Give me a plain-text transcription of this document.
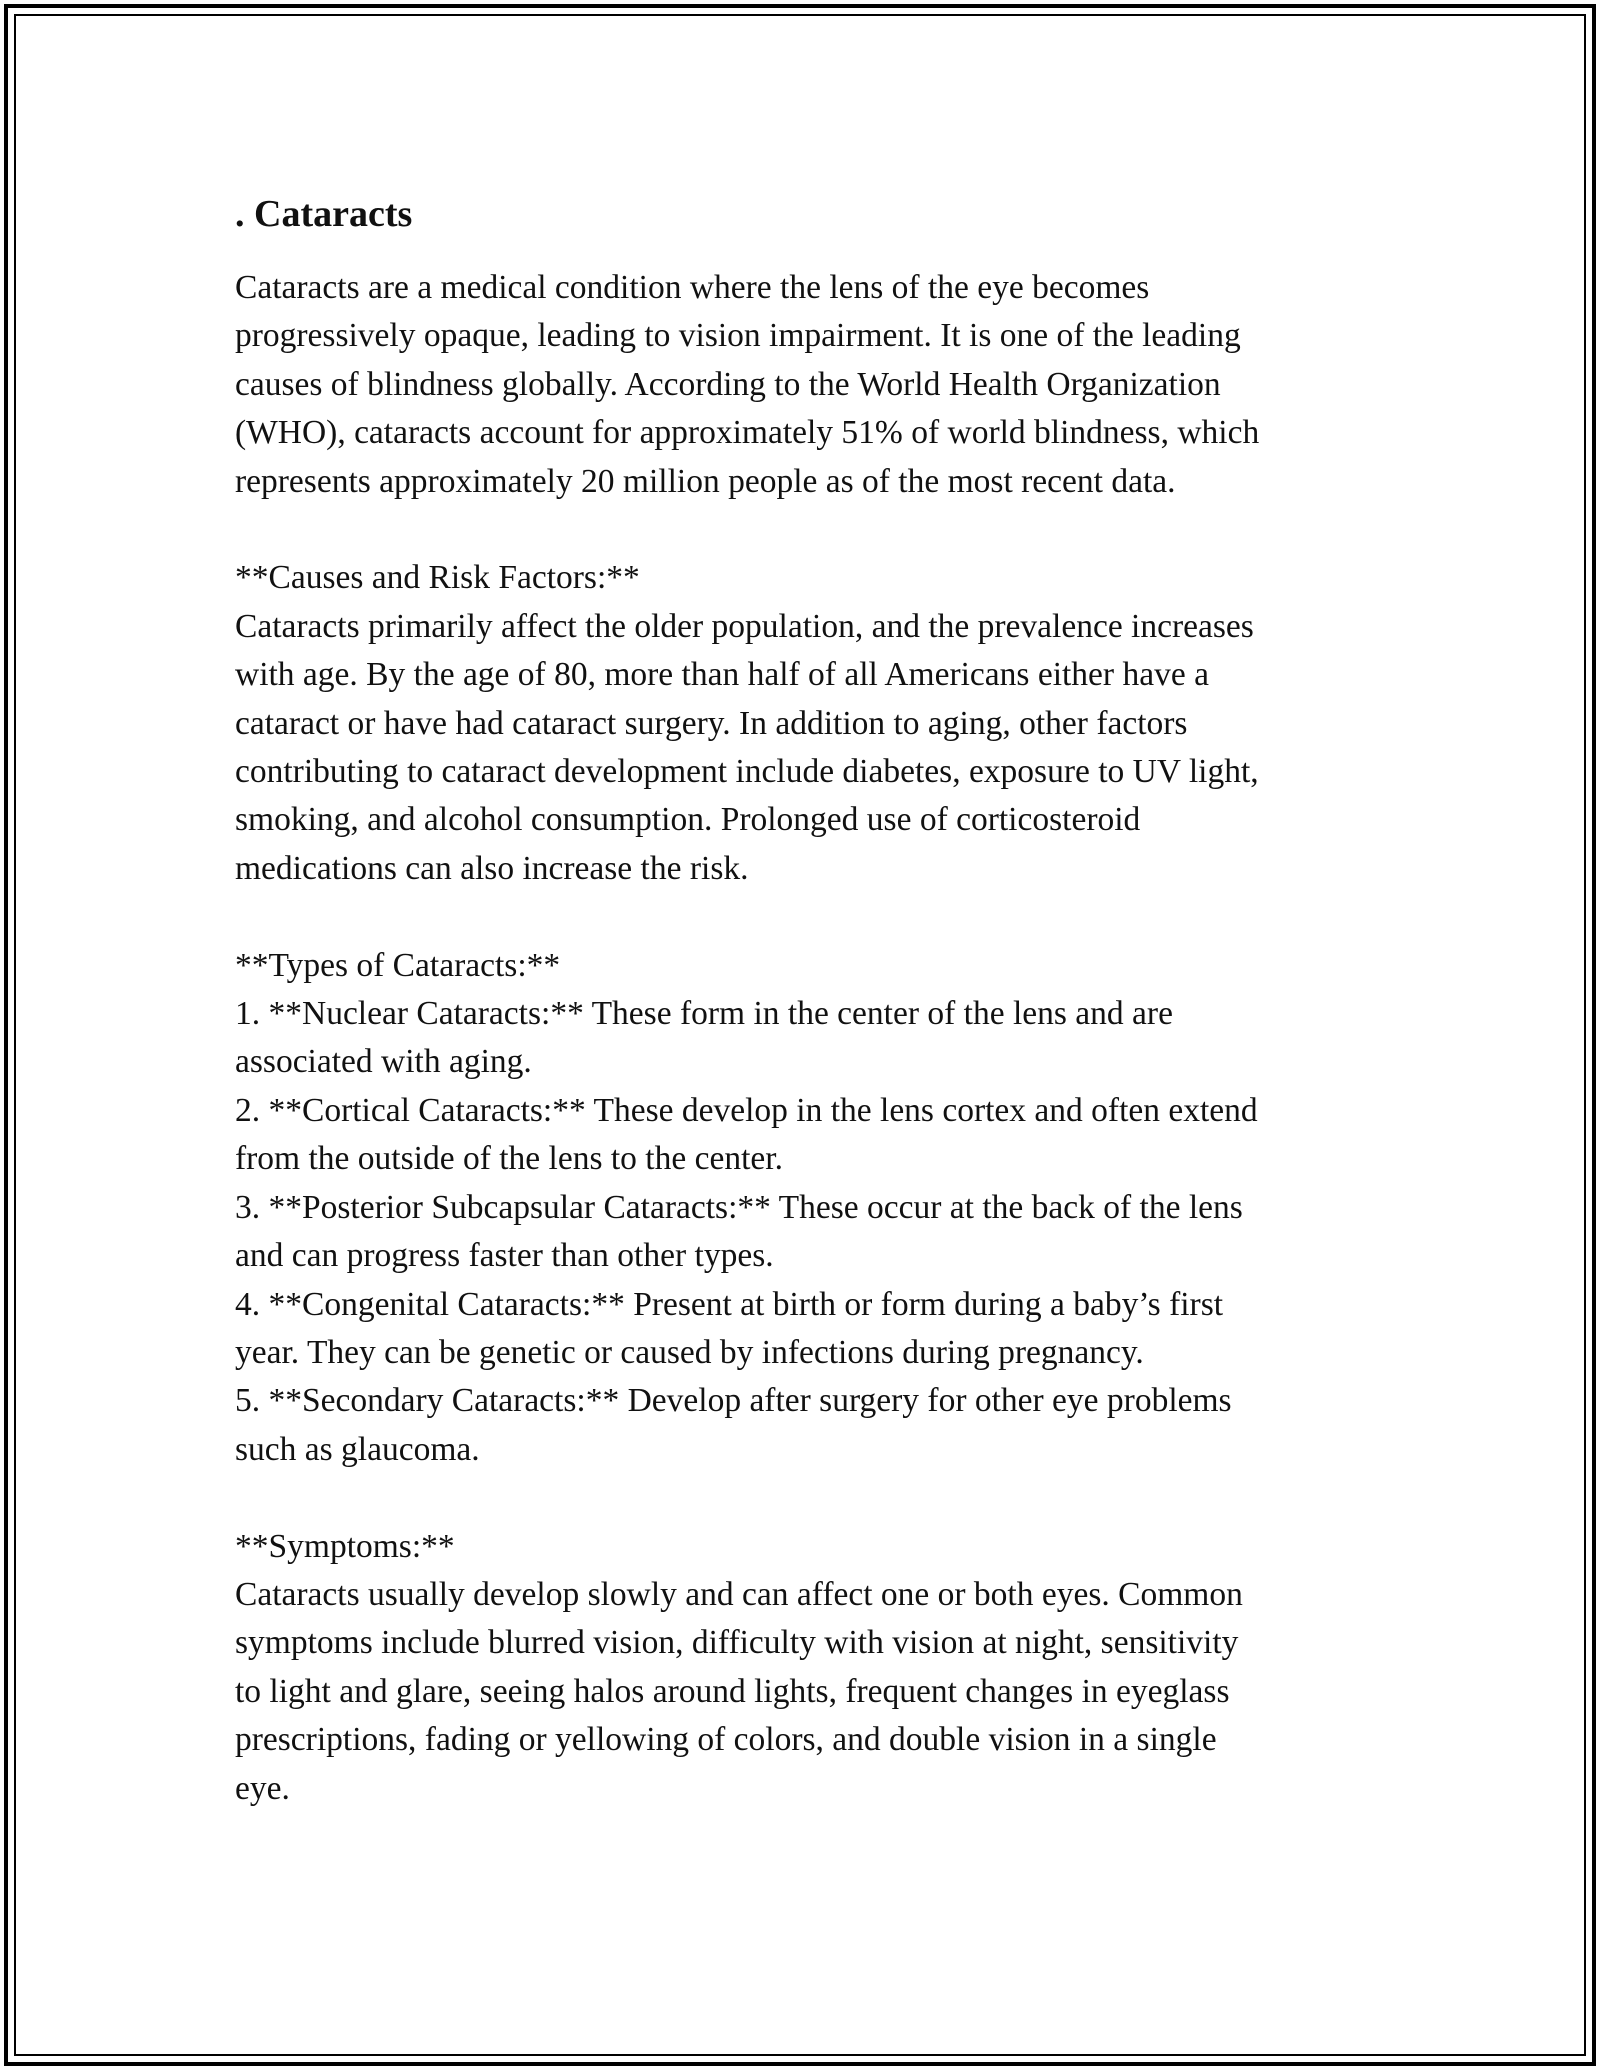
. Cataracts

Cataracts are a medical condition where the lens of the eye becomes
progressively opaque, leading to vision impairment. It is one of the leading
causes of blindness globally. According to the World Health Organization
(WHO), cataracts account for approximately 51% of world blindness, which
represents approximately 20 million people as of the most recent data.

**Causes and Risk Factors:**

Cataracts primarily affect the older population, and the prevalence increases
with age. By the age of 80, more than half of all Americans either have a
cataract or have had cataract surgery. In addition to aging, other factors
contributing to cataract development include diabetes, exposure to UV light,
smoking, and alcohol consumption. Prolonged use of corticosteroid
medications can also increase the risk.

**Types of Cataracts:**

1. **Nuclear Cataracts:** These form in the center of the lens and are
associated with aging.

2. **Cortical Cataracts:** These develop in the lens cortex and often extend
from the outside of the lens to the center.

3. **Posterior Subcapsular Cataracts:** These occur at the back of the lens
and can progress faster than other types.

4. **Congenital Cataracts:** Present at birth or form during a baby’s first
year. They can be genetic or caused by infections during pregnancy.

5. **Secondary Cataracts:** Develop after surgery for other eye problems
such as glaucoma.

**Symptoms:**

Cataracts usually develop slowly and can affect one or both eyes. Common
symptoms include blurred vision, difficulty with vision at night, sensitivity
to light and glare, seeing halos around lights, frequent changes in eyeglass
prescriptions, fading or yellowing of colors, and double vision in a single
eye.
